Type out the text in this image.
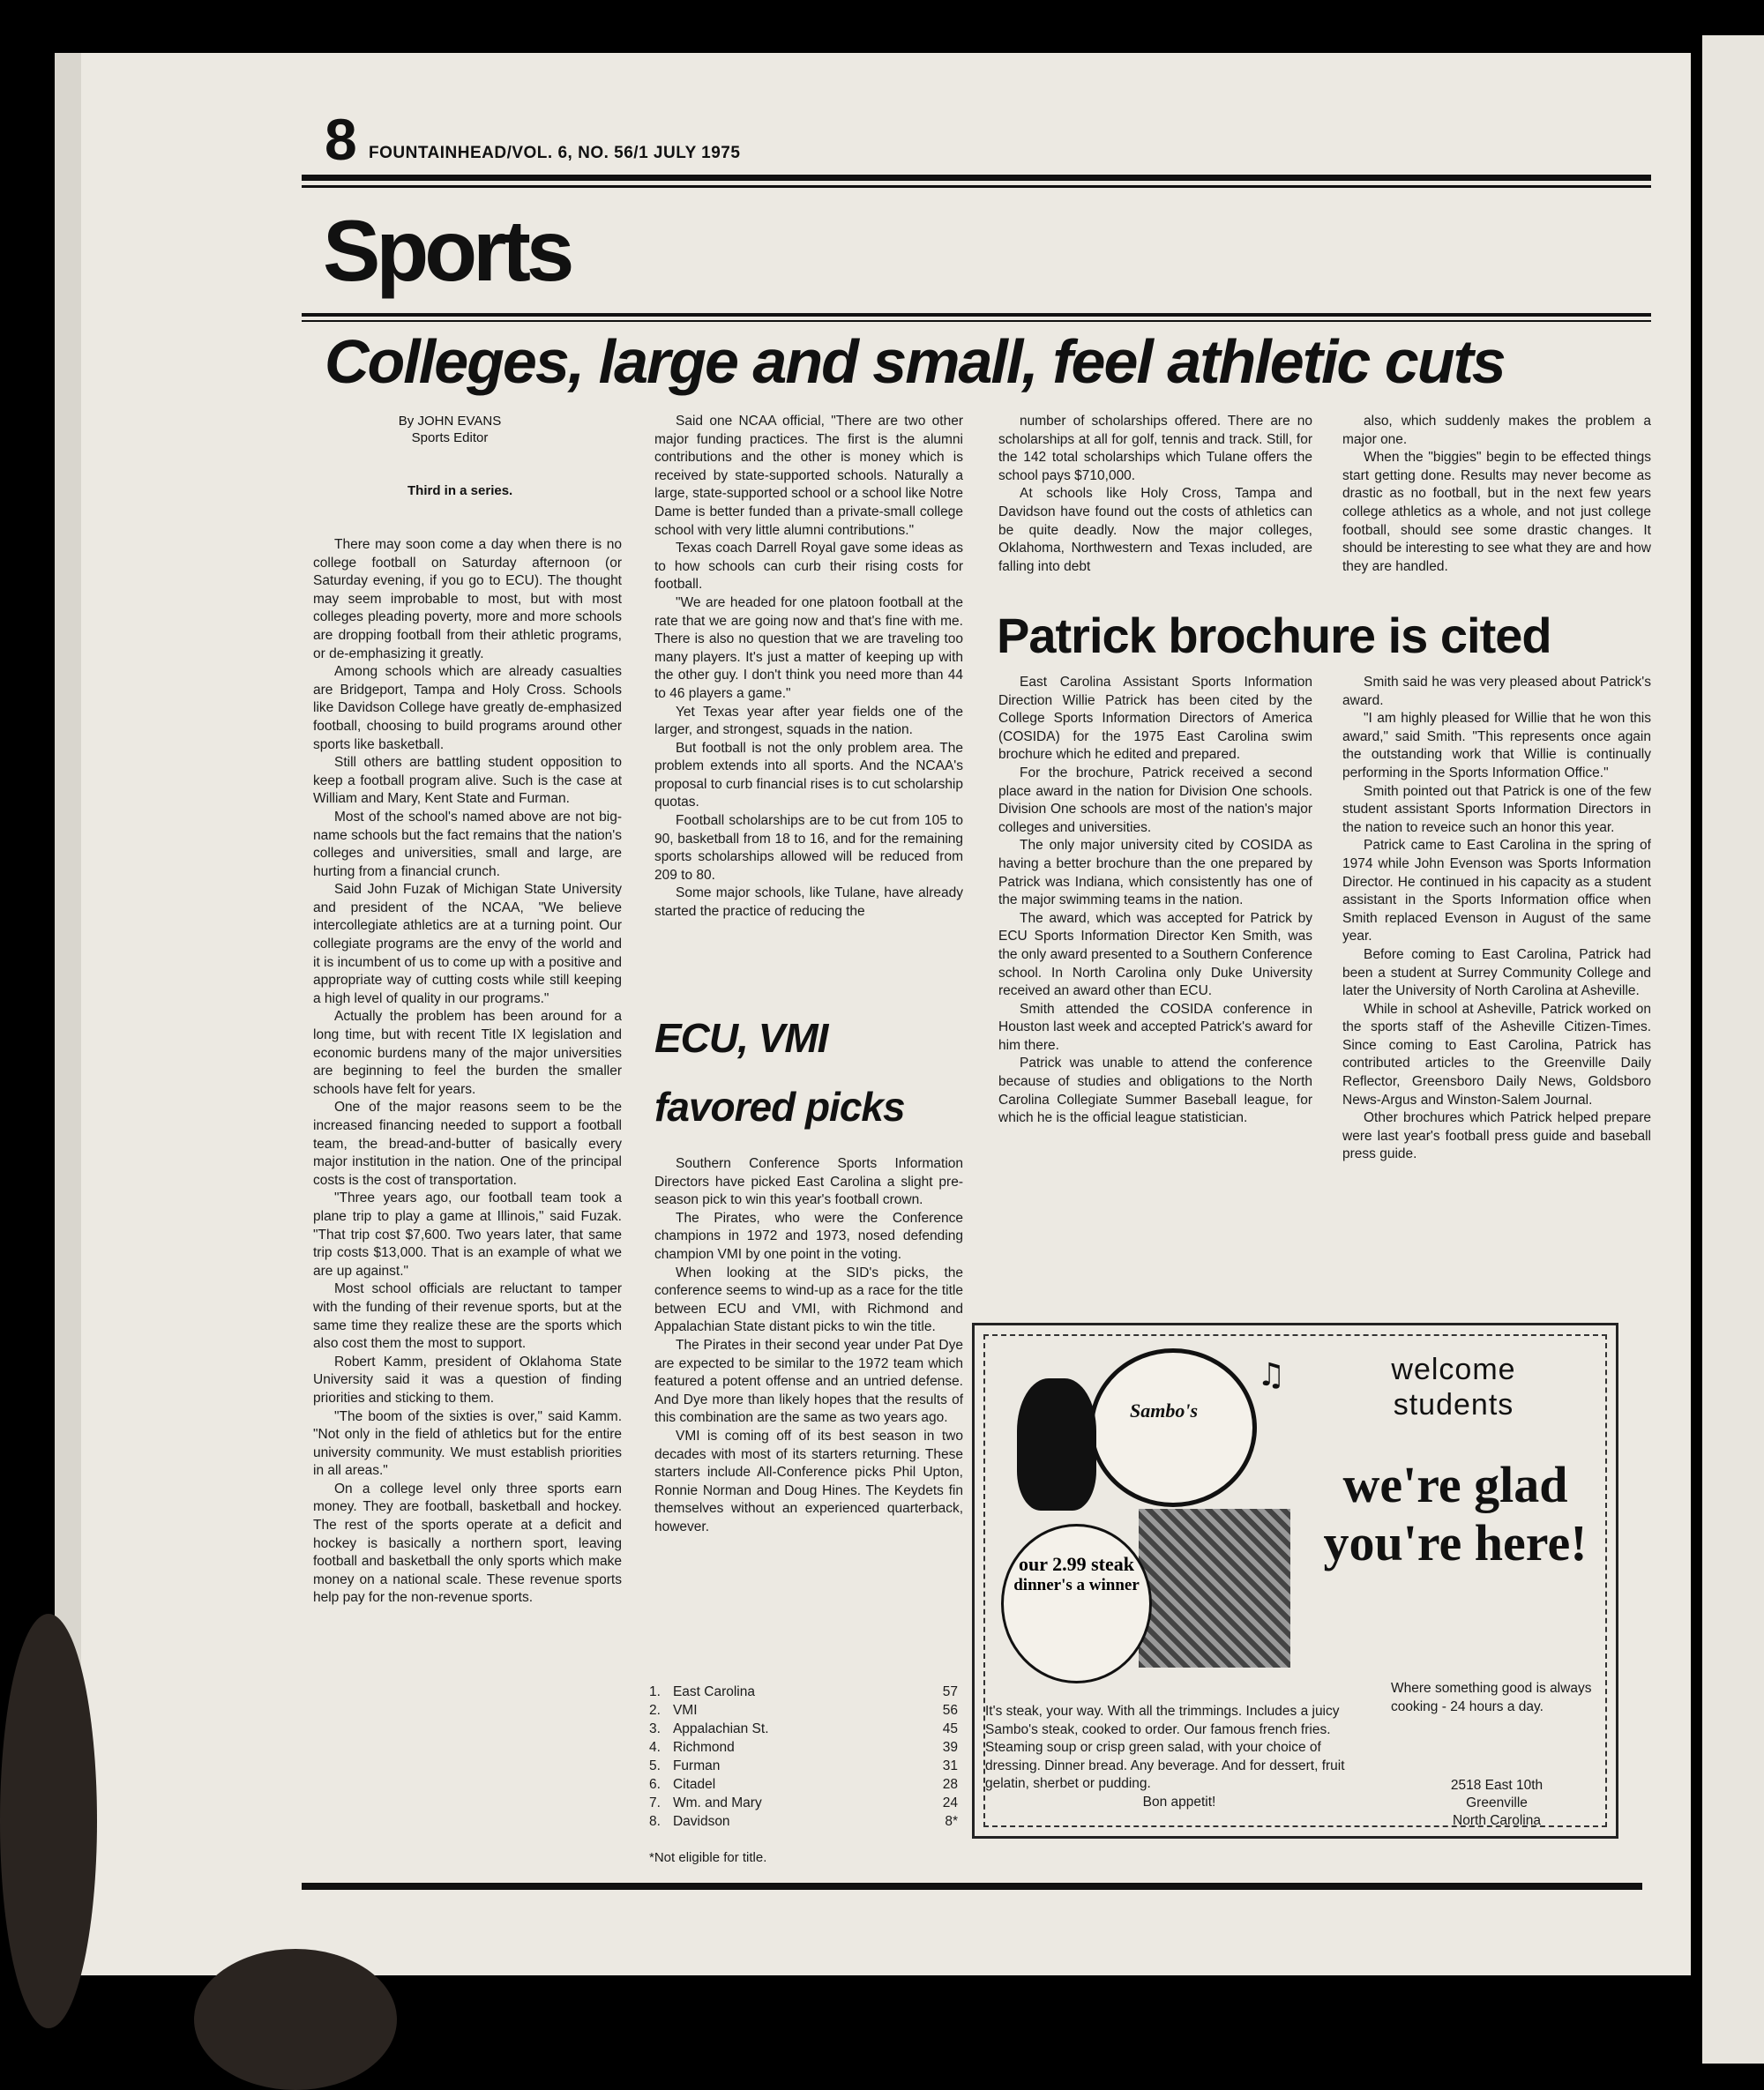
8 FOUNTAINHEAD/VOL. 6, NO. 56/1 JULY 1975
Sports
Colleges, large and small, feel athletic cuts
By JOHN EVANS
Sports Editor
Third in a series.

There may soon come a day when there is no college football on Saturday afternoon (or Saturday evening, if you go to ECU). The thought may seem improbable to most, but with most colleges pleading poverty, more and more schools are dropping football from their athletic programs, or de-emphasizing it greatly.

Among schools which are already casualties are Bridgeport, Tampa and Holy Cross. Schools like Davidson College have greatly de-emphasized football, choosing to build programs around other sports like basketball.

Still others are battling student opposition to keep a football program alive. Such is the case at William and Mary, Kent State and Furman.

Most of the school's named above are not big-name schools but the fact remains that the nation's colleges and universities, small and large, are hurting from a financial crunch.

Said John Fuzak of Michigan State University and president of the NCAA, "We believe intercollegiate athletics are at a turning point. Our collegiate programs are the envy of the world and it is incumbent of us to come up with a positive and appropriate way of cutting costs while still keeping a high level of quality in our programs."

Actually the problem has been around for a long time, but with recent Title IX legislation and economic burdens many of the major universities are beginning to feel the burden the smaller schools have felt for years.

One of the major reasons seem to be the increased financing needed to support a football team, the bread-and-butter of basically every major institution in the nation. One of the principal costs is the cost of transportation.

"Three years ago, our football team took a plane trip to play a game at Illinois," said Fuzak. "That trip cost $7,600. Two years later, that same trip costs $13,000. That is an example of what we are up against."

Most school officials are reluctant to tamper with the funding of their revenue sports, but at the same time they realize these are the sports which also cost them the most to support.

Robert Kamm, president of Oklahoma State University said it was a question of finding priorities and sticking to them.

"The boom of the sixties is over," said Kamm. "Not only in the field of athletics but for the entire university community. We must establish priorities in all areas."

On a college level only three sports earn money. They are football, basketball and hockey. The rest of the sports operate at a deficit and hockey is basically a northern sport, leaving football and basketball the only sports which make money on a national scale. These revenue sports help pay for the non-revenue sports.

Said one NCAA official, "There are two other major funding practices. The first is the alumni contributions and the other is money which is received by state-supported schools. Naturally a large, state-supported school or a school like Notre Dame is better funded than a private-small college school with very little alumni contributions."

Texas coach Darrell Royal gave some ideas as to how schools can curb their rising costs for football.

"We are headed for one platoon football at the rate that we are going now and that's fine with me. There is also no question that we are traveling too many players. It's just a matter of keeping up with the other guy. I don't think you need more than 44 to 46 players a game."

Yet Texas year after year fields one of the larger, and strongest, squads in the nation.

But football is not the only problem area. The problem extends into all sports. And the NCAA's proposal to curb financial rises is to cut scholarship quotas.

Football scholarships are to be cut from 105 to 90, basketball from 18 to 16, and for the remaining sports scholarships allowed will be reduced from 209 to 80.

Some major schools, like Tulane, have already started the practice of reducing the

number of scholarships offered. There are no scholarships at all for golf, tennis and track. Still, for the 142 total scholarships which Tulane offers the school pays $710,000.

At schools like Holy Cross, Tampa and Davidson have found out the costs of athletics can be quite deadly. Now the major colleges, Oklahoma, Northwestern and Texas included, are falling into debt

also, which suddenly makes the problem a major one.

When the "biggies" begin to be effected things start getting done. Results may never become as drastic as no football, but in the next few years college athletics as a whole, and not just college football, should see some drastic changes. It should be interesting to see what they are and how they are handled.

ECU, VMI
favored picks

Southern Conference Sports Information Directors have picked East Carolina a slight pre-season pick to win this year's football crown.

The Pirates, who were the Conference champions in 1972 and 1973, nosed defending champion VMI by one point in the voting.

When looking at the SID's picks, the conference seems to wind-up as a race for the title between ECU and VMI, with Richmond and Appalachian State distant picks to win the title.

The Pirates in their second year under Pat Dye are expected to be similar to the 1972 team which featured a potent offense and an untried defense. And Dye more than likely hopes that the results of this combination are the same as two years ago.

VMI is coming off of its best season in two decades with most of its starters returning. These starters include All-Conference picks Phil Upton, Ronnie Norman and Doug Hines. The Keydets fin themselves without an experienced quarterback, however.

1. East Carolina	57
2. VMI	56
3. Appalachian St.	45
4. Richmond	39
5. Furman	31
6. Citadel	28
7. Wm. and Mary	24
8. Davidson	8*
*Not eligible for title.
Patrick brochure is cited

East Carolina Assistant Sports Information Direction Willie Patrick has been cited by the College Sports Information Directors of America (COSIDA) for the 1975 East Carolina swim brochure which he edited and prepared.

For the brochure, Patrick received a second place award in the nation for Division One schools. Division One schools are most of the nation's major colleges and universities.

The only major university cited by COSIDA as having a better brochure than the one prepared by Patrick was Indiana, which consistently has one of the major swimming teams in the nation.

The award, which was accepted for Patrick by ECU Sports Information Director Ken Smith, was the only award presented to a Southern Conference school. In North Carolina only Duke University received an award other than ECU.

Smith attended the COSIDA conference in Houston last week and accepted Patrick's award for him there.

Patrick was unable to attend the conference because of studies and obligations to the North Carolina Collegiate Summer Baseball league, for which he is the official league statistician.

Smith said he was very pleased about Patrick's award.

"I am highly pleased for Willie that he won this award," said Smith. "This represents once again the outstanding work that Willie is continually performing in the Sports Information Office."

Smith pointed out that Patrick is one of the few student assistant Sports Information Directors in the nation to reveice such an honor this year.

Patrick came to East Carolina in the spring of 1974 while John Evenson was Sports Information Director. He continued in his capacity as a student assistant in the Sports Information office when Smith replaced Evenson in August of the same year.

Before coming to East Carolina, Patrick had been a student at Surrey Community College and later the University of North Carolina at Asheville.

While in school at Asheville, Patrick worked on the sports staff of the Asheville Citizen-Times. Since coming to East Carolina, Patrick has contributed articles to the Greenville Daily Reflector, Greensboro Daily News, Goldsboro News-Argus and Winston-Salem Journal.

Other brochures which Patrick helped prepare were last year's football press guide and baseball press guide.

Sambo's
♫	welcome students
we're glad you're here!
our 2.99 steak
dinner's a winner
It's steak, your way. With all the trimmings. Includes a juicy Sambo's steak, cooked to order. Our famous french fries. Steaming soup or crisp green salad, with your choice of dressing. Dinner bread. Any beverage. And for dessert, fruit gelatin, sherbet or pudding.
Bon appetit!
Where something good is always cooking - 24 hours a day.
2518 East 10th
Greenville
North Carolina
